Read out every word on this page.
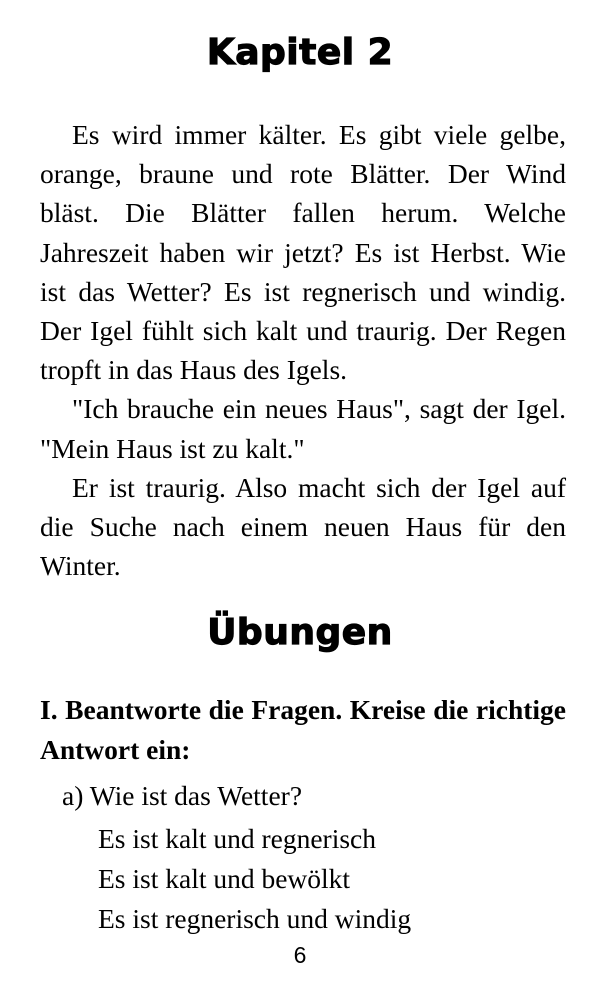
Kapitel 2

Es wird immer kälter. Es gibt viele gelbe, orange, braune und rote Blätter. Der Wind bläst. Die Blätter fallen herum. Welche Jahreszeit haben wir jetzt? Es ist Herbst. Wie ist das Wetter? Es ist regnerisch und windig. Der Igel fühlt sich kalt und traurig. Der Regen tropft in das Haus des Igels.

"Ich brauche ein neues Haus", sagt der Igel. "Mein Haus ist zu kalt."

Er ist traurig. Also macht sich der Igel auf die Suche nach einem neuen Haus für den Winter.

Übungen

I. Beantworte die Fragen. Kreise die richtige Antwort ein:

a) Wie ist das Wetter?

Es ist kalt und regnerisch
Es ist kalt und bewölkt
Es ist regnerisch und windig
6
